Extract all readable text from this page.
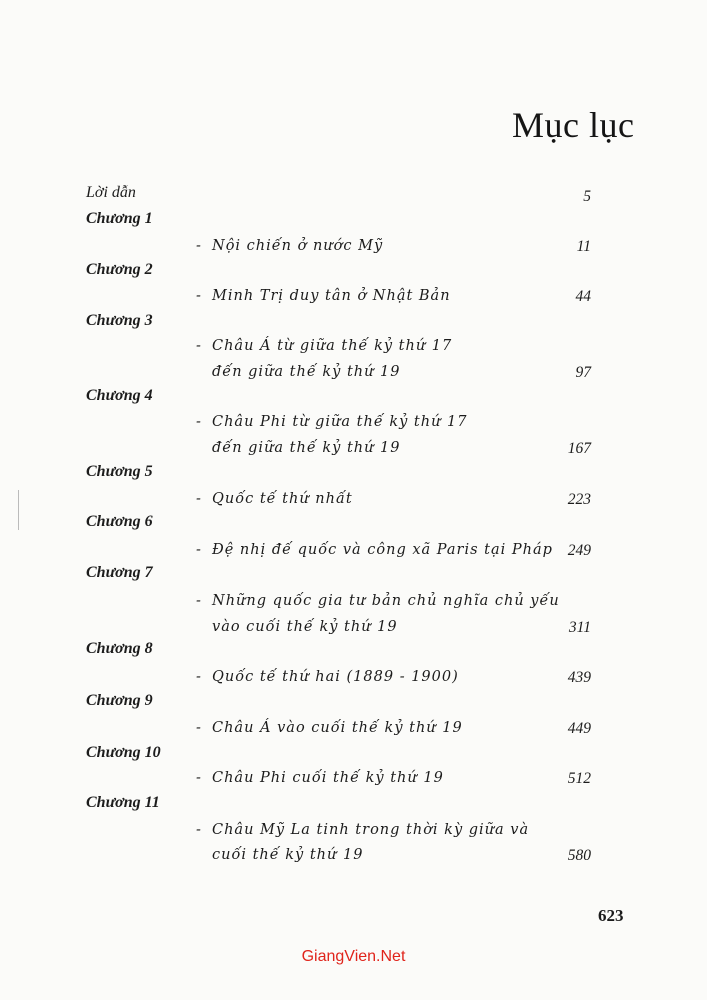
Mục lục
Lời dẫn	5
Chương 1
- Nội chiến ở nước Mỹ	11
Chương 2
- Minh Trị duy tân ở Nhật Bản	44
Chương 3
- Châu Á từ giữa thế kỷ thứ 17
đến giữa thế kỷ thứ 19	97
Chương 4
- Châu Phi từ giữa thế kỷ thứ 17
đến giữa thế kỷ thứ 19	167
Chương 5
- Quốc tế thứ nhất	223
Chương 6
- Đệ nhị đế quốc và công xã Paris tại Pháp 249
Chương 7
- Những quốc gia tư bản chủ nghĩa chủ yếu
vào cuối thế kỷ thứ 19	311
Chương 8
- Quốc tế thứ hai (1889 - 1900)	439
Chương 9
- Châu Á vào cuối thế kỷ thứ 19	449
Chương 10
- Châu Phi cuối thế kỷ thứ 19	512
Chương 11
- Châu Mỹ La tinh trong thời kỳ giữa và
cuối thế kỷ thứ 19	580
623
GiangVien.Net
